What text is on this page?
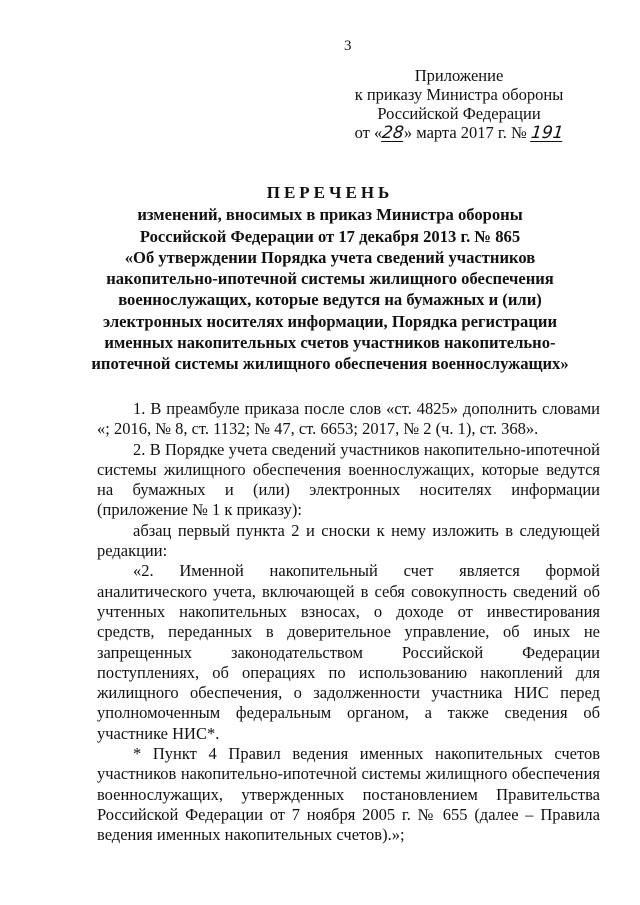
3
Приложение
к приказу Министра обороны
Российской Федерации
от «28» марта 2017 г. № 191
ПЕРЕЧЕНЬ
изменений, вносимых в приказ Министра обороны
Российской Федерации от 17 декабря 2013 г. № 865
«Об утверждении Порядка учета сведений участников
накопительно-ипотечной системы жилищного обеспечения
военнослужащих, которые ведутся на бумажных и (или)
электронных носителях информации, Порядка регистрации
именных накопительных счетов участников накопительно-
ипотечной системы жилищного обеспечения военнослужащих»

1. В преамбуле приказа после слов «ст. 4825» дополнить словами «; 2016, № 8, ст. 1132; № 47, ст. 6653; 2017, № 2 (ч. 1), ст. 368».

2. В Порядке учета сведений участников накопительно-ипотечной системы жилищного обеспечения военнослужащих, которые ведутся на бумажных и (или) электронных носителях информации (приложение № 1 к приказу):

абзац первый пункта 2 и сноски к нему изложить в следующей редакции:

«2. Именной накопительный счет является формой аналитического учета, включающей в себя совокупность сведений об учтенных накопительных взносах, о доходе от инвестирования средств, переданных в доверительное управление, об иных не запрещенных законодательством Российской Федерации поступлениях, об операциях по использованию накоплений для жилищного обеспечения, о задолженности участника НИС перед уполномоченным федеральным органом, а также сведения об участнике НИС*.

* Пункт 4 Правил ведения именных накопительных счетов участников накопительно-ипотечной системы жилищного обеспечения военнослужащих, утвержденных постановлением Правительства Российской Федерации от 7 ноября 2005 г. № 655 (далее – Правила ведения именных накопительных счетов).»;
